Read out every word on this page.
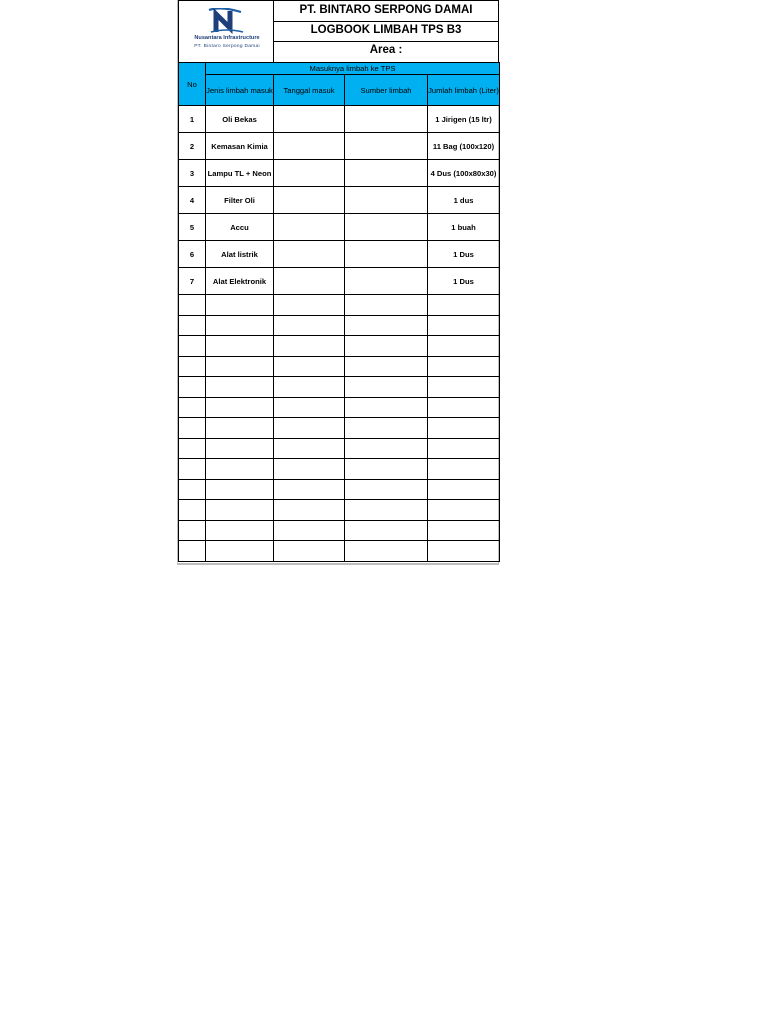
Nusantara Infrastructure
PT. Bintaro Serpong Damai
PT. BINTARO SERPONG DAMAI
LOGBOOK LIMBAH TPS B3
Area :
No	Masuknya limbah ke TPS			
	Jenis limbah masuk	Tanggal masuk	Sumber limbah	Jumlah limbah (Liter)
1	Oli Bekas			1 Jirigen (15 ltr)
2	Kemasan Kimia			11 Bag (100x120)
3	Lampu TL + Neon			4 Dus (100x80x30)
4	Filter Oli			1 dus
5	Accu			1 buah
6	Alat listrik			1 Dus
7	Alat Elektronik			1 Dus
